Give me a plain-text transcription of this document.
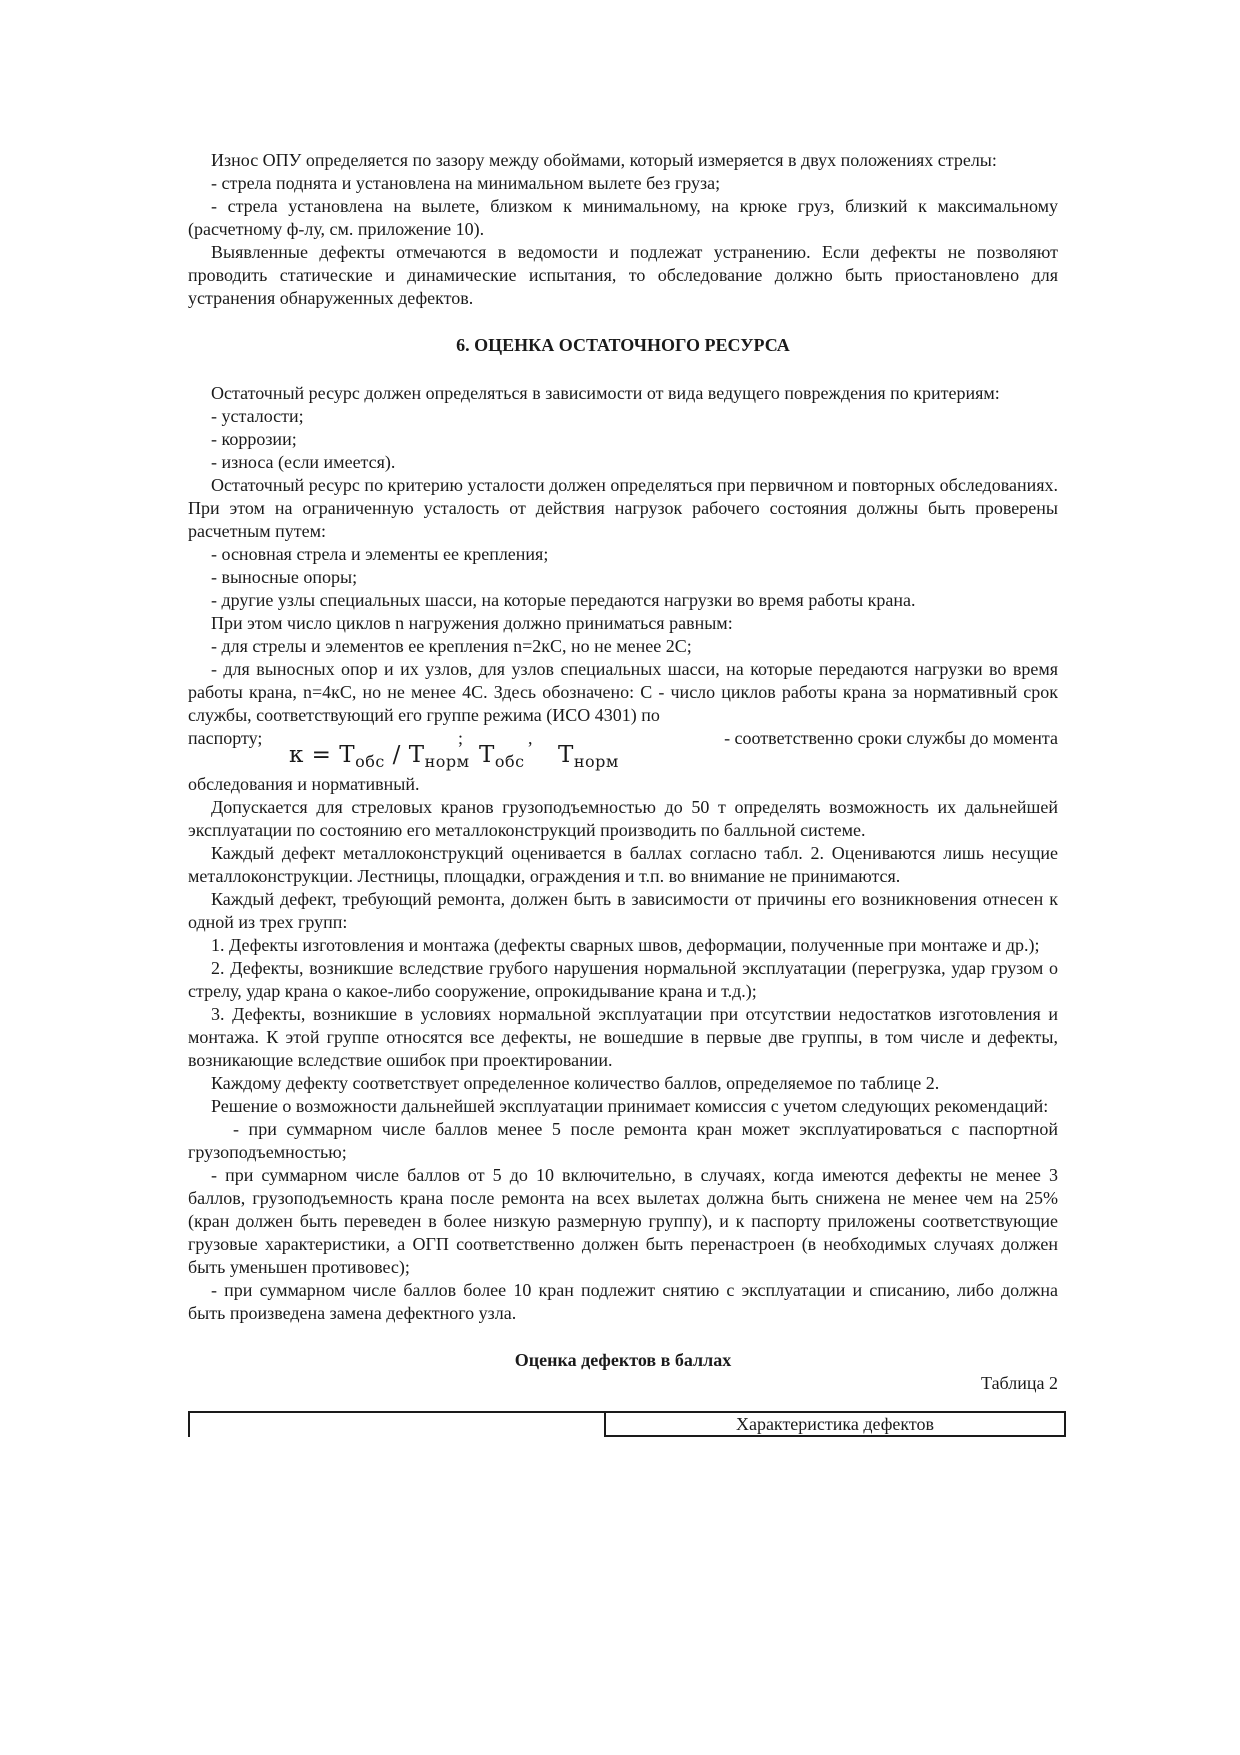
Износ ОПУ определяется по зазору между обоймами, который измеряется в двух положениях стрелы:

- стрела поднята и установлена на минимальном вылете без груза;

- стрела установлена на вылете, близком к минимальному, на крюке груз, близкий к максимальному (расчетному ф-лу, см. приложение 10).

Выявленные дефекты отмечаются в ведомости и подлежат устранению. Если дефекты не позволяют проводить статические и динамические испытания, то обследование должно быть приостановлено для устранения обнаруженных дефектов.

6. ОЦЕНКА ОСТАТОЧНОГО РЕСУРСА

Остаточный ресурс должен определяться в зависимости от вида ведущего повреждения по критериям:

- усталости;

- коррозии;

- износа (если имеется).

Остаточный ресурс по критерию усталости должен определяться при первичном и повторных обследованиях. При этом на ограниченную усталость от действия нагрузок рабочего состояния должны быть проверены расчетным путем:

- основная стрела и элементы ее крепления;

- выносные опоры;

- другие узлы специальных шасси, на которые передаются нагрузки во время работы крана.

При этом число циклов n нагружения должно приниматься равным:

- для стрелы и элементов ее крепления n=2кC, но не менее 2C;

- для выносных опор и их узлов, для узлов специальных шасси, на которые передаются нагрузки во время работы крана, n=4кC, но не менее 4C. Здесь обозначено: C - число циклов работы крана за нормативный срок службы, соответствующий его группе режима (ИСО 4301) по

паспорту;	;	,	- соответственно сроки службы до момента
$к = T_{обс} / T_{норм}$ $T_{обс}$ $T_{норм}$

обследования и нормативный.

Допускается для стреловых кранов грузоподъемностью до 50 т определять возможность их дальнейшей эксплуатации по состоянию его металлоконструкций производить по балльной системе.

Каждый дефект металлоконструкций оценивается в баллах согласно табл. 2. Оцениваются лишь несущие металлоконструкции. Лестницы, площадки, ограждения и т.п. во внимание не принимаются.

Каждый дефект, требующий ремонта, должен быть в зависимости от причины его возникновения отнесен к одной из трех групп:

1. Дефекты изготовления и монтажа (дефекты сварных швов, деформации, полученные при монтаже и др.);

2. Дефекты, возникшие вследствие грубого нарушения нормальной эксплуатации (перегрузка, удар грузом о стрелу, удар крана о какое-либо сооружение, опрокидывание крана и т.д.);

3. Дефекты, возникшие в условиях нормальной эксплуатации при отсутствии недостатков изготовления и монтажа. К этой группе относятся все дефекты, не вошедшие в первые две группы, в том числе и дефекты, возникающие вследствие ошибок при проектировании.

Каждому дефекту соответствует определенное количество баллов, определяемое по таблице 2.

Решение о возможности дальнейшей эксплуатации принимает комиссия с учетом следующих рекомендаций:

- при суммарном числе баллов менее 5 после ремонта кран может эксплуатироваться с паспортной грузоподъемностью;

- при суммарном числе баллов от 5 до 10 включительно, в случаях, когда имеются дефекты не менее 3 баллов, грузоподъемность крана после ремонта на всех вылетах должна быть снижена не менее чем на 25% (кран должен быть переведен в более низкую размерную группу), и к паспорту приложены соответствующие грузовые характеристики, а ОГП соответственно должен быть перенастроен (в необходимых случаях должен быть уменьшен противовес);

- при суммарном числе баллов более 10 кран подлежит снятию с эксплуатации и списанию, либо должна быть произведена замена дефектного узла.

Оценка дефектов в баллах

Таблица 2

Характеристика дефектов
